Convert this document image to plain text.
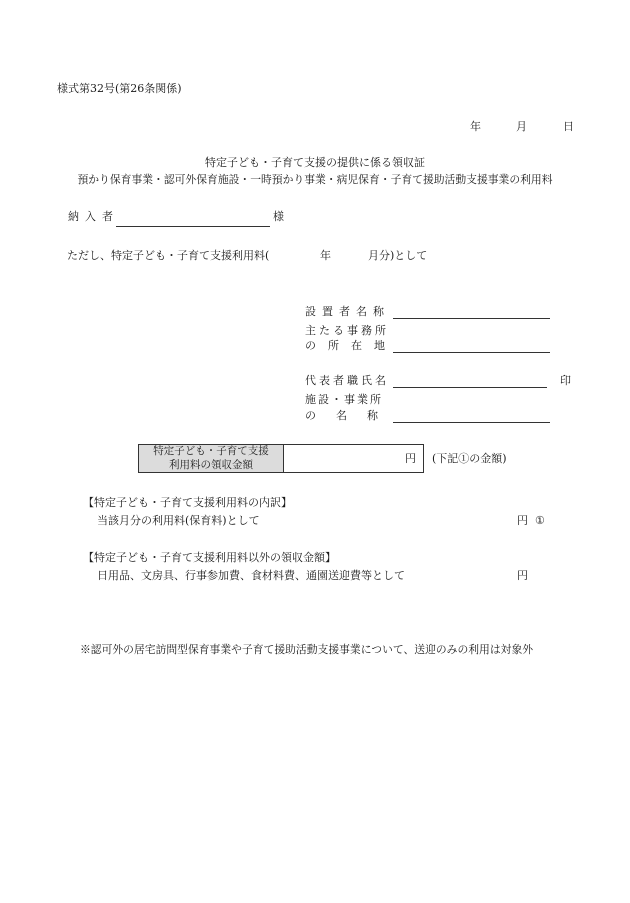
様式第32号(第26条関係)
年	月	日
特定子ども・子育て支援の提供に係る領収証
預かり保育事業・認可外保育施設・一時預かり事業・病児保育・子育て援助活動支援事業の利用料
納入者	様
ただし、特定子ども・子育て支援利用料(	年	月分)として
設置者名称
主たる事務所
の所在地
代表者職氏名	印
施設・事業所
の名称
特定子ども・子育て支援
利用料の領収金額	円 (下記①の金額)
【特定子ども・子育て支援利用料の内訳】
当該月分の利用料(保育料)として	円 ①
【特定子ども・子育て支援利用料以外の領収金額】
日用品、文房具、行事参加費、食材料費、通園送迎費等として	円
※認可外の居宅訪問型保育事業や子育て援助活動支援事業について、送迎のみの利用は対象外
